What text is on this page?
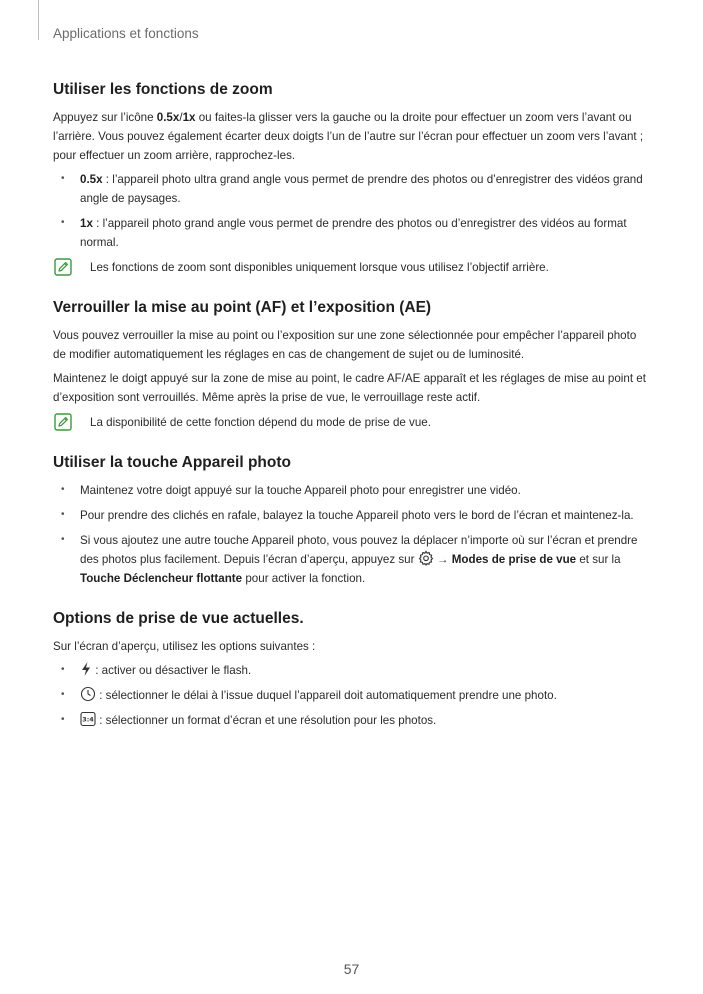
Applications et fonctions
Utiliser les fonctions de zoom

Appuyez sur l’icône 0.5x/1x ou faites-la glisser vers la gauche ou la droite pour effectuer un zoom vers l’avant ou l’arrière. Vous pouvez également écarter deux doigts l’un de l’autre sur l’écran pour effectuer un zoom vers l’avant ; pour effectuer un zoom arrière, rapprochez-les.

• 0.5x : l’appareil photo ultra grand angle vous permet de prendre des photos ou d’enregistrer des vidéos grand angle de paysages.
• 1x : l’appareil photo grand angle vous permet de prendre des photos ou d’enregistrer des vidéos au format normal.
Les fonctions de zoom sont disponibles uniquement lorsque vous utilisez l’objectif arrière.
Verrouiller la mise au point (AF) et l’exposition (AE)

Vous pouvez verrouiller la mise au point ou l’exposition sur une zone sélectionnée pour empêcher l’appareil photo de modifier automatiquement les réglages en cas de changement de sujet ou de luminosité.

Maintenez le doigt appuyé sur la zone de mise au point, le cadre AF/AE apparaît et les réglages de mise au point et d’exposition sont verrouillés. Même après la prise de vue, le verrouillage reste actif.

La disponibilité de cette fonction dépend du mode de prise de vue.
Utiliser la touche Appareil photo
• Maintenez votre doigt appuyé sur la touche Appareil photo pour enregistrer une vidéo.
• Pour prendre des clichés en rafale, balayez la touche Appareil photo vers le bord de l’écran et maintenez-la.
• Si vous ajoutez une autre touche Appareil photo, vous pouvez la déplacer n’importe où sur l’écran et prendre des photos plus facilement. Depuis l’écran d’aperçu, appuyez sur  → Modes de prise de vue et sur la Touche Déclencheur flottante pour activer la fonction.
Options de prise de vue actuelles.

Sur l’écran d’aperçu, utilisez les options suivantes :

• : activer ou désactiver le flash.
•	: sélectionner le délai à l’issue duquel l’appareil doit automatiquement prendre une photo.
•	3:4 : sélectionner un format d’écran et une résolution pour les photos.
57
